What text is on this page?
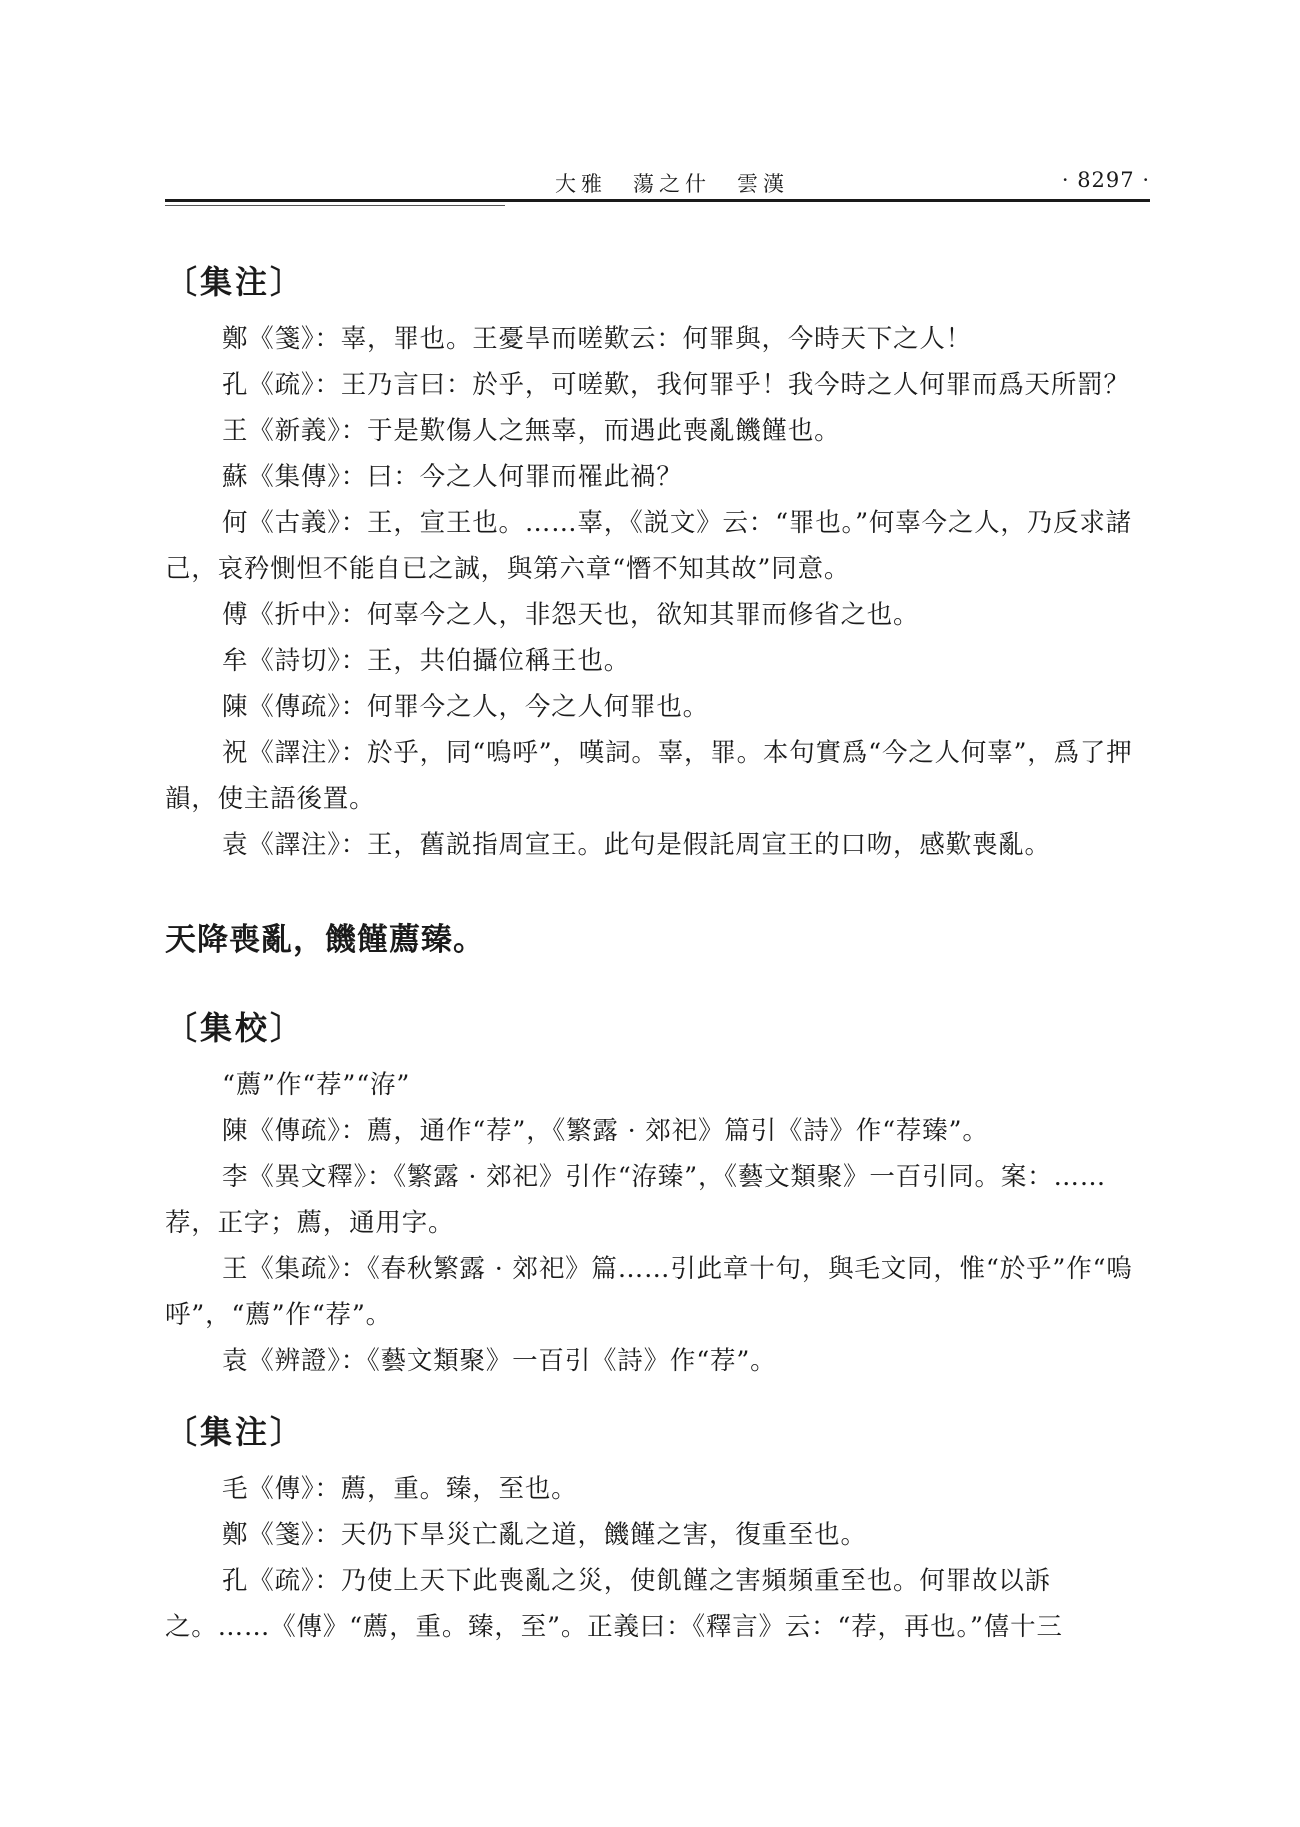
大雅　蕩之什　雲漢	· 8297 ·
〔集注〕

鄭《箋》：辜，罪也。王憂旱而嗟歎云：何罪與，今時天下之人！

孔《疏》：王乃言曰：於乎，可嗟歎，我何罪乎！我今時之人何罪而爲天所罰？

王《新義》：于是歎傷人之無辜，而遇此喪亂饑饉也。

蘇《集傳》：曰：今之人何罪而罹此禍？

何《古義》：王，宣王也。……辜，《説文》云：“罪也。”何辜今之人，乃反求諸己，哀矜惻怛不能自已之誠，與第六章“憯不知其故”同意。

傅《折中》：何辜今之人，非怨天也，欲知其罪而修省之也。

牟《詩切》：王，共伯攝位稱王也。

陳《傳疏》：何罪今之人，今之人何罪也。

祝《譯注》：於乎，同“嗚呼”，嘆詞。辜，罪。本句實爲“今之人何辜”，爲了押韻，使主語後置。

袁《譯注》：王，舊説指周宣王。此句是假託周宣王的口吻，感歎喪亂。

天降喪亂，饑饉薦臻。
〔集校〕

“薦”作“荐”“洊”

陳《傳疏》：薦，通作“荐”，《繁露 · 郊祀》篇引《詩》作“荐臻”。

李《異文釋》：《繁露 · 郊祀》引作“洊臻”，《藝文類聚》一百引同。案：……荐，正字；薦，通用字。

王《集疏》：《春秋繁露 · 郊祀》篇……引此章十句，與毛文同，惟“於乎”作“嗚呼”，“薦”作“荐”。

袁《辨證》：《藝文類聚》一百引《詩》作“荐”。

〔集注〕

毛《傳》：薦，重。臻，至也。

鄭《箋》：天仍下旱災亡亂之道，饑饉之害，復重至也。

孔《疏》：乃使上天下此喪亂之災，使飢饉之害頻頻重至也。何罪故以訴之。……《傳》“薦，重。臻，至”。正義曰：《釋言》云：“荐，再也。”僖十三
